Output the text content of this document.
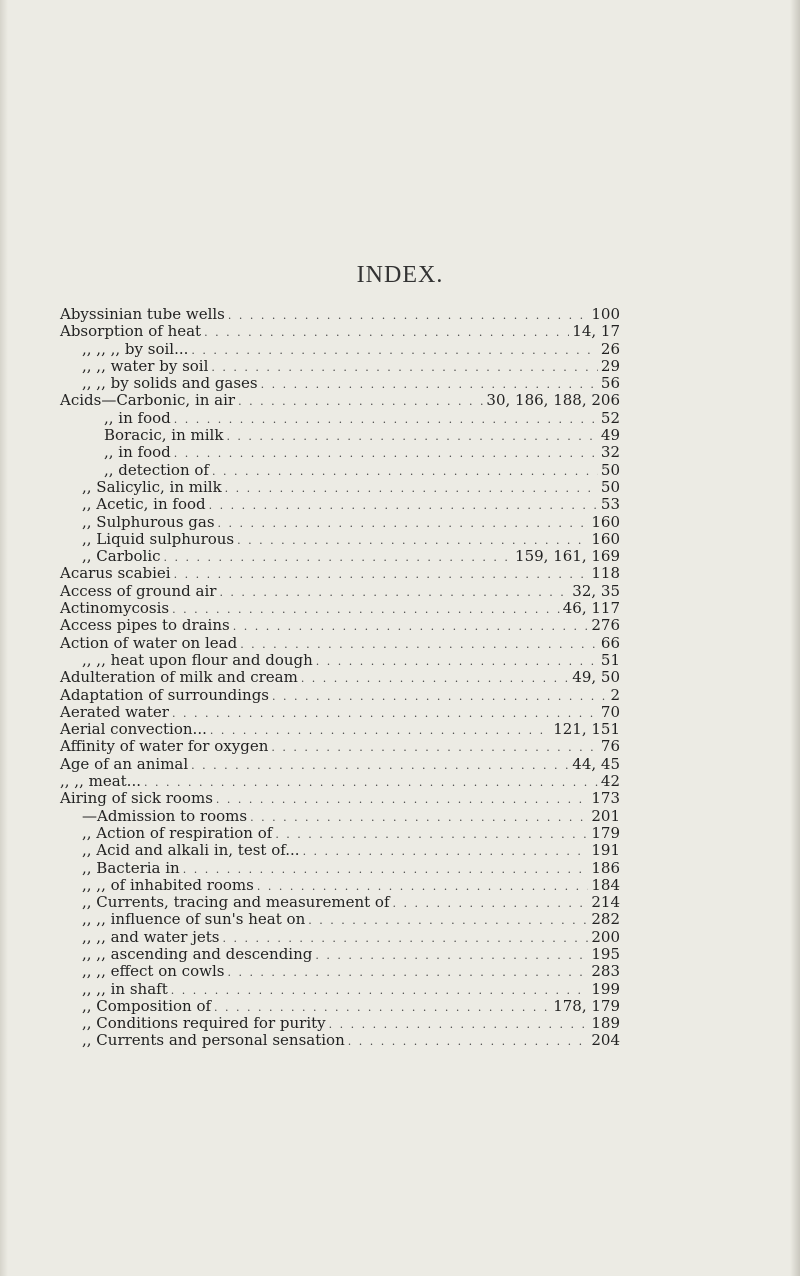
INDEX.
Abyssinian tube wells . . .	100
Absorption of heat . . .	14, 17
,, ,, ,, by soil... . . .	26
,, ,, water by soil . . .	29
,, ,, by solids and gases . . .	56
Acids—Carbonic, in air . . .	30, 186, 188, 206
,, in food . . .	52
Boracic, in milk . . .	49
,, in food . . .	32
,, detection of . . .	50
,, Salicylic, in milk . . .	50
,, Acetic, in food . . .	53
,, Sulphurous gas . . .	160
,, Liquid sulphurous . . .	160
,, Carbolic . . .	159, 161, 169
Acarus scabiei . . .	118
Access of ground air . . .	32, 35
Actinomycosis . . .	46, 117
Access pipes to drains . . .	276
Action of water on lead . . .	66
,, ,, heat upon flour and dough . . .	51
Adulteration of milk and cream . . .	49, 50
Adaptation of surroundings . . .	2
Aerated water . . .	70
Aerial convection... . . .	121, 151
Affinity of water for oxygen . . .	76
Age of an animal . . .	44, 45
,, ,, meat... . . .	42
Airing of sick rooms . . .	173
—Admission to rooms . . .	201
,, Action of respiration of . . .	179
,, Acid and alkali in, test of... . . .	191
,, Bacteria in . . .	186
,, ,, of inhabited rooms . . .	184
,, Currents, tracing and measurement of . . .	214
,, ,, influence of sun's heat on . . .	282
,, ,, and water jets . . .	200
,, ,, ascending and descending . . .	195
,, ,, effect on cowls . . .	283
,, ,, in shaft . . .	199
,, Composition of . . .	178, 179
,, Conditions required for purity . . .	189
,, Currents and personal sensation . . .	204
